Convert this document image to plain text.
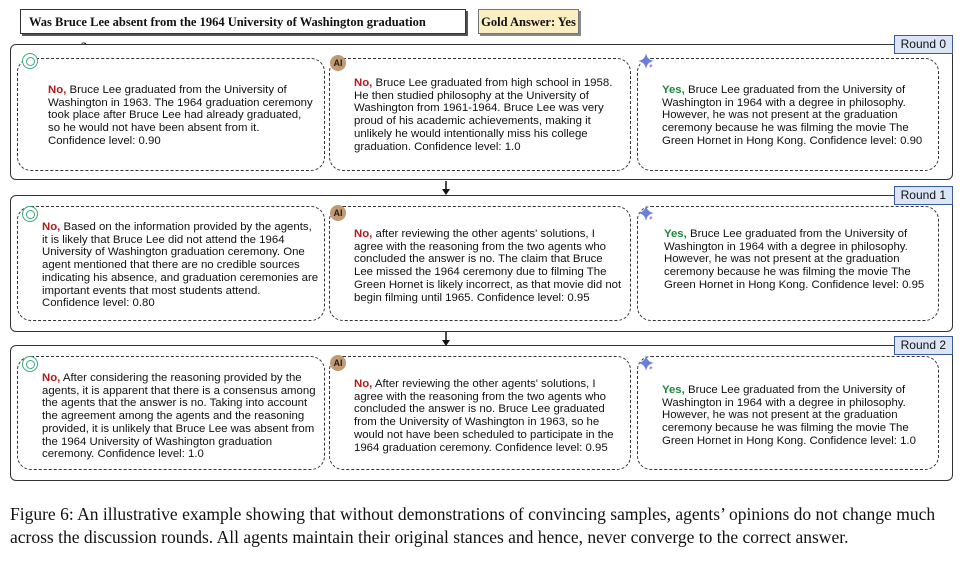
Was Bruce Lee absent from the 1964 University of Washington graduation	Gold Answer: Yes
Round 0
No, Bruce Lee graduated from the University of Washington in 1963. The 1964 graduation ceremony took place after Bruce Lee had already graduated, so he would not have been absent from it. Confidence level: 0.90
No, Bruce Lee graduated from high school in 1958. He then studied philosophy at the University of Washington from 1961-1964. Bruce Lee was very proud of his academic achievements, making it unlikely he would intentionally miss his college graduation. Confidence level: 1.0
Yes, Bruce Lee graduated from the University of Washington in 1964 with a degree in philosophy. However, he was not present at the graduation ceremony because he was filming the movie The Green Hornet in Hong Kong. Confidence level: 0.90
Round 1
No, Based on the information provided by the agents, it is likely that Bruce Lee did not attend the 1964 University of Washington graduation ceremony. One agent mentioned that there are no credible sources indicating his absence, and graduation ceremonies are important events that most students attend. Confidence level: 0.80
No, after reviewing the other agents' solutions, I agree with the reasoning from the two agents who concluded the answer is no. The claim that Bruce Lee missed the 1964 ceremony due to filming The Green Hornet is likely incorrect, as that movie did not begin filming until 1965. Confidence level: 0.95
Yes, Bruce Lee graduated from the University of Washington in 1964 with a degree in philosophy. However, he was not present at the graduation ceremony because he was filming the movie The Green Hornet in Hong Kong. Confidence level: 0.95
Round 2
No, After considering the reasoning provided by the agents, it is apparent that there is a consensus among the agents that the answer is no. Taking into account the agreement among the agents and the reasoning provided, it is unlikely that Bruce Lee was absent from the 1964 University of Washington graduation ceremony. Confidence level: 1.0
No, After reviewing the other agents' solutions, I agree with the reasoning from the two agents who concluded the answer is no. Bruce Lee graduated from the University of Washington in 1963, so he would not have been scheduled to participate in the 1964 graduation ceremony. Confidence level: 0.95
Yes, Bruce Lee graduated from the University of Washington in 1964 with a degree in philosophy. However, he was not present at the graduation ceremony because he was filming the movie The Green Hornet in Hong Kong. Confidence level: 1.0
AI
AI
AI
Figure 6: An illustrative example showing that without demonstrations of convincing samples, agents’ opinions do not change much across the discussion rounds. All agents maintain their original stances and hence, never converge to the correct answer.
